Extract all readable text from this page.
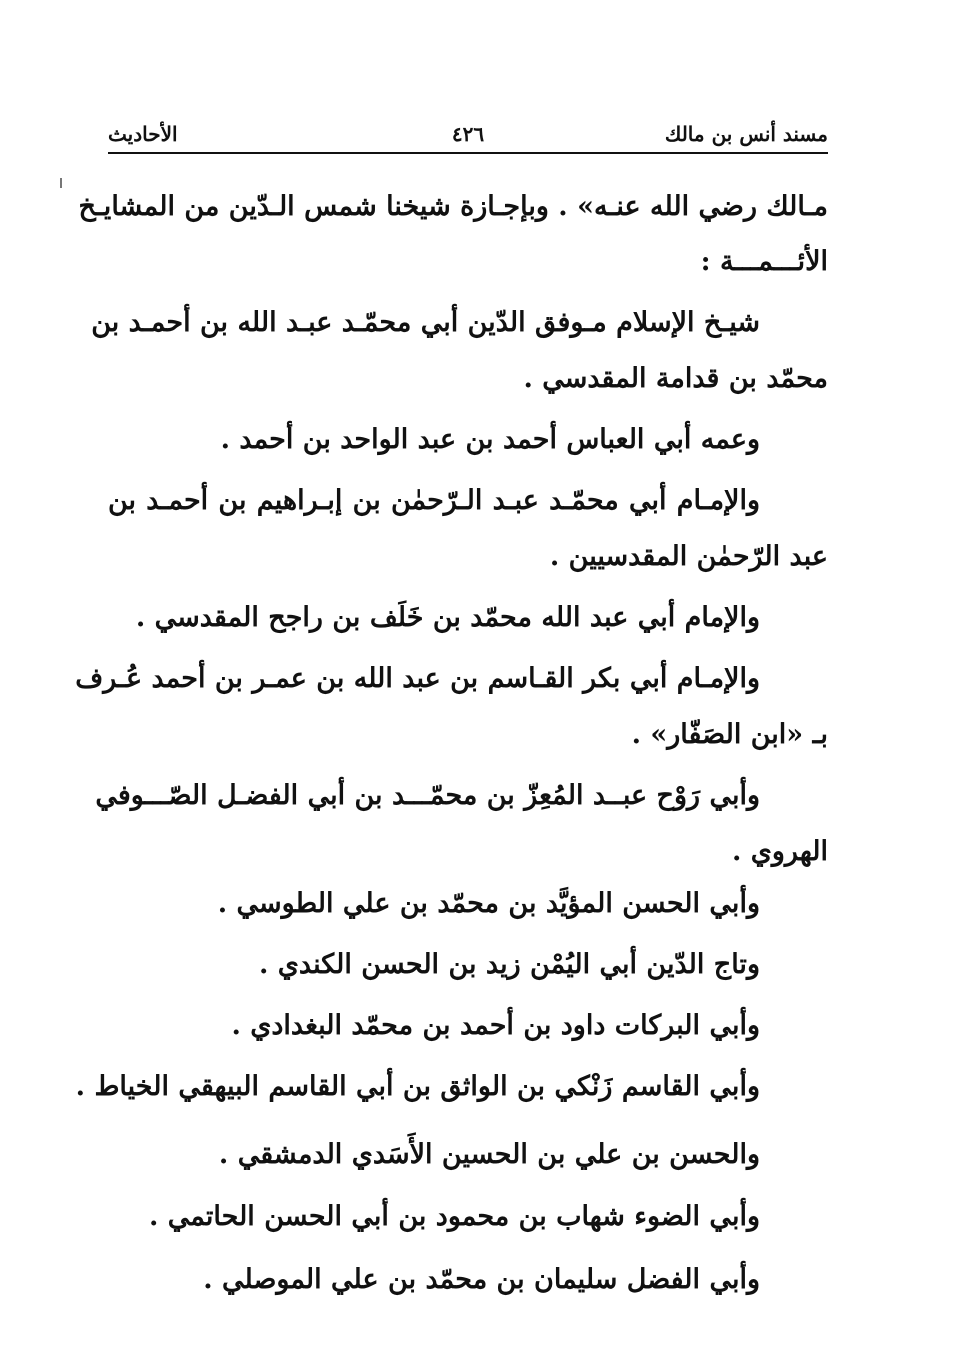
مسند أنس بن مالك
٤٢٦
الأحاديث
مـالك رضي الله عنـه» . وبإجـازة شيخنا شمس الـدّين من المشايـخ
الأئـــمـــة :
شيـخ الإسلام مـوفق الدّين أبي محمّـد عبـد الله بن أحمـد بن
محمّد بن قدامة المقدسي .
وعمه أبي العباس أحمد بن عبد الواحد بن أحمد .
والإمـام أبي محمّـد عبـد الـرّحمٰن بن إبـراهيم بن أحمـد بن
عبد الرّحمٰن المقدسيين .
والإمام أبي عبد الله محمّد بن خَلَف بن راجح المقدسي .
والإمـام أبي بكر القـاسم بن عبد الله بن عمـر بن أحمد عُـرف
بـ «ابن الصَفّار» .
وأبي رَوْح عبــد المُعِزّ بن محمّـــد بن أبي الفضـل الصّـــوفي
الهروي .
وأبي الحسن المؤيَّد بن محمّد بن علي الطوسي .
وتاج الدّين أبي اليُمْن زيد بن الحسن الكندي .
وأبي البركات داود بن أحمد بن محمّد البغدادي .
وأبي القاسم زَنْكي بن الواثق بن أبي القاسم البيهقي الخياط .
والحسن بن علي بن الحسين الأَسَدي الدمشقي .
وأبي الضوء شهاب بن محمود بن أبي الحسن الحاتمي .
وأبي الفضل سليمان بن محمّد بن علي الموصلي .
